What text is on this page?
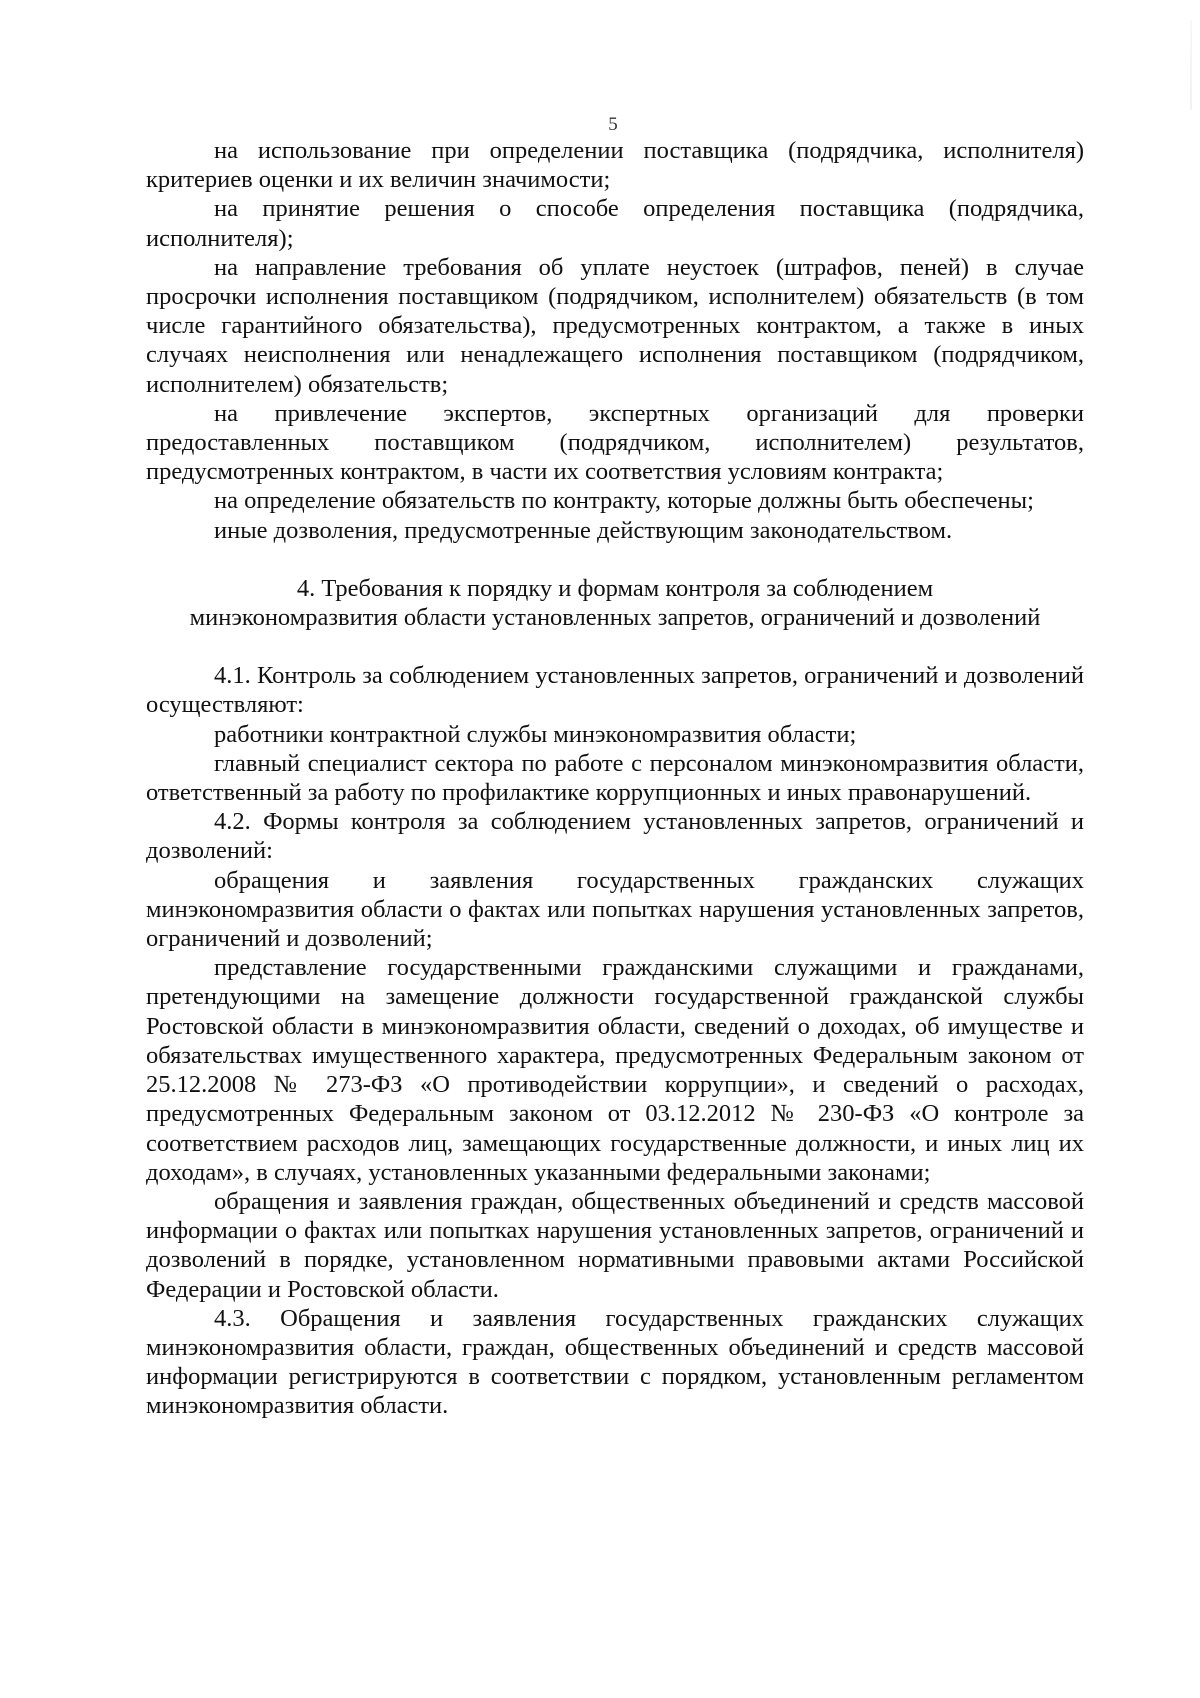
5

на использование при определении поставщика (подрядчика, исполнителя) критериев оценки и их величин значимости;

на принятие решения о способе определения поставщика (подрядчика, исполнителя);

на направление требования об уплате неустоек (штрафов, пеней) в случае просрочки исполнения поставщиком (подрядчиком, исполнителем) обязательств (в том числе гарантийного обязательства), предусмотренных контрактом, а также в иных случаях неисполнения или ненадлежащего исполнения поставщиком (подрядчиком, исполнителем) обязательств;

на привлечение экспертов, экспертных организаций для проверки предоставленных поставщиком (подрядчиком, исполнителем) результатов, предусмотренных контрактом, в части их соответствия условиям контракта;

на определение обязательств по контракту, которые должны быть обеспечены;

иные дозволения, предусмотренные действующим законодательством.

4. Требования к порядку и формам контроля за соблюдением
минэкономразвития области установленных запретов, ограничений и дозволений

4.1. Контроль за соблюдением установленных запретов, ограничений и дозволений осуществляют:

работники контрактной службы минэкономразвития области;

главный специалист сектора по работе с персоналом минэкономразвития области, ответственный за работу по профилактике коррупционных и иных правонарушений.

4.2. Формы контроля за соблюдением установленных запретов, ограничений и дозволений:

обращения и заявления государственных гражданских служащих минэкономразвития области о фактах или попытках нарушения установленных запретов, ограничений и дозволений;

представление государственными гражданскими служащими и гражданами, претендующими на замещение должности государственной гражданской службы Ростовской области в минэкономразвития области, сведений о доходах, об имуществе и обязательствах имущественного характера, предусмотренных Федеральным законом от 25.12.2008 № 273-ФЗ «О противодействии коррупции», и сведений о расходах, предусмотренных Федеральным законом от 03.12.2012 № 230-ФЗ «О контроле за соответствием расходов лиц, замещающих государственные должности, и иных лиц их доходам», в случаях, установленных указанными федеральными законами;

обращения и заявления граждан, общественных объединений и средств массовой информации о фактах или попытках нарушения установленных запретов, ограничений и дозволений в порядке, установленном нормативными правовыми актами Российской Федерации и Ростовской области.

4.3. Обращения и заявления государственных гражданских служащих минэкономразвития области, граждан, общественных объединений и средств массовой информации регистрируются в соответствии с порядком, установленным регламентом минэкономразвития области.
